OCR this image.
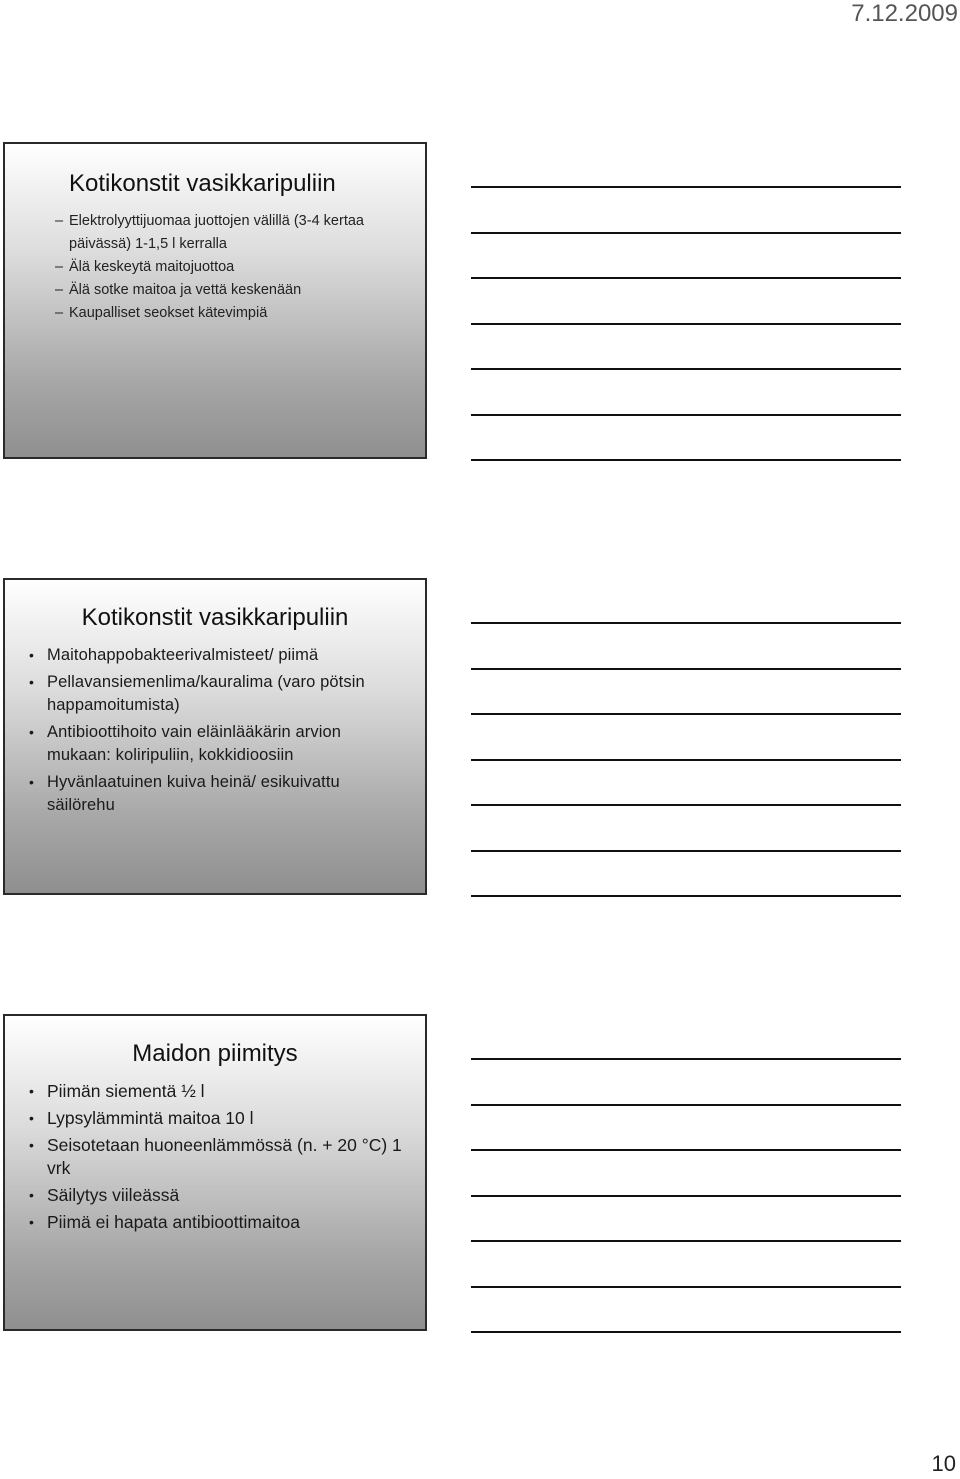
7.12.2009
Kotikonstit vasikkaripuliin
– Elektrolyyttijuomaa juottojen välillä (3-4 kertaa päivässä) 1-1,5 l kerralla
– Älä keskeytä maitojuottoa
– Älä sotke maitoa ja vettä keskenään
– Kaupalliset seokset kätevimpiä
Kotikonstit vasikkaripuliin
• Maitohappobakteerivalmisteet/ piimä
• Pellavansiemenlima/kauralima (varo pötsin happamoitumista)
• Antibioottihoito vain eläinlääkärin arvion mukaan: koliripuliin, kokkidioosiin
• Hyvänlaatuinen kuiva heinä/ esikuivattu säilörehu
Maidon piimitys
• Piimän siementä ½ l
• Lypsylämmintä maitoa 10 l
• Seisotetaan huoneenlämmössä (n. + 20 °C) 1 vrk
• Säilytys viileässä
• Piimä ei hapata antibioottimaitoa
10
